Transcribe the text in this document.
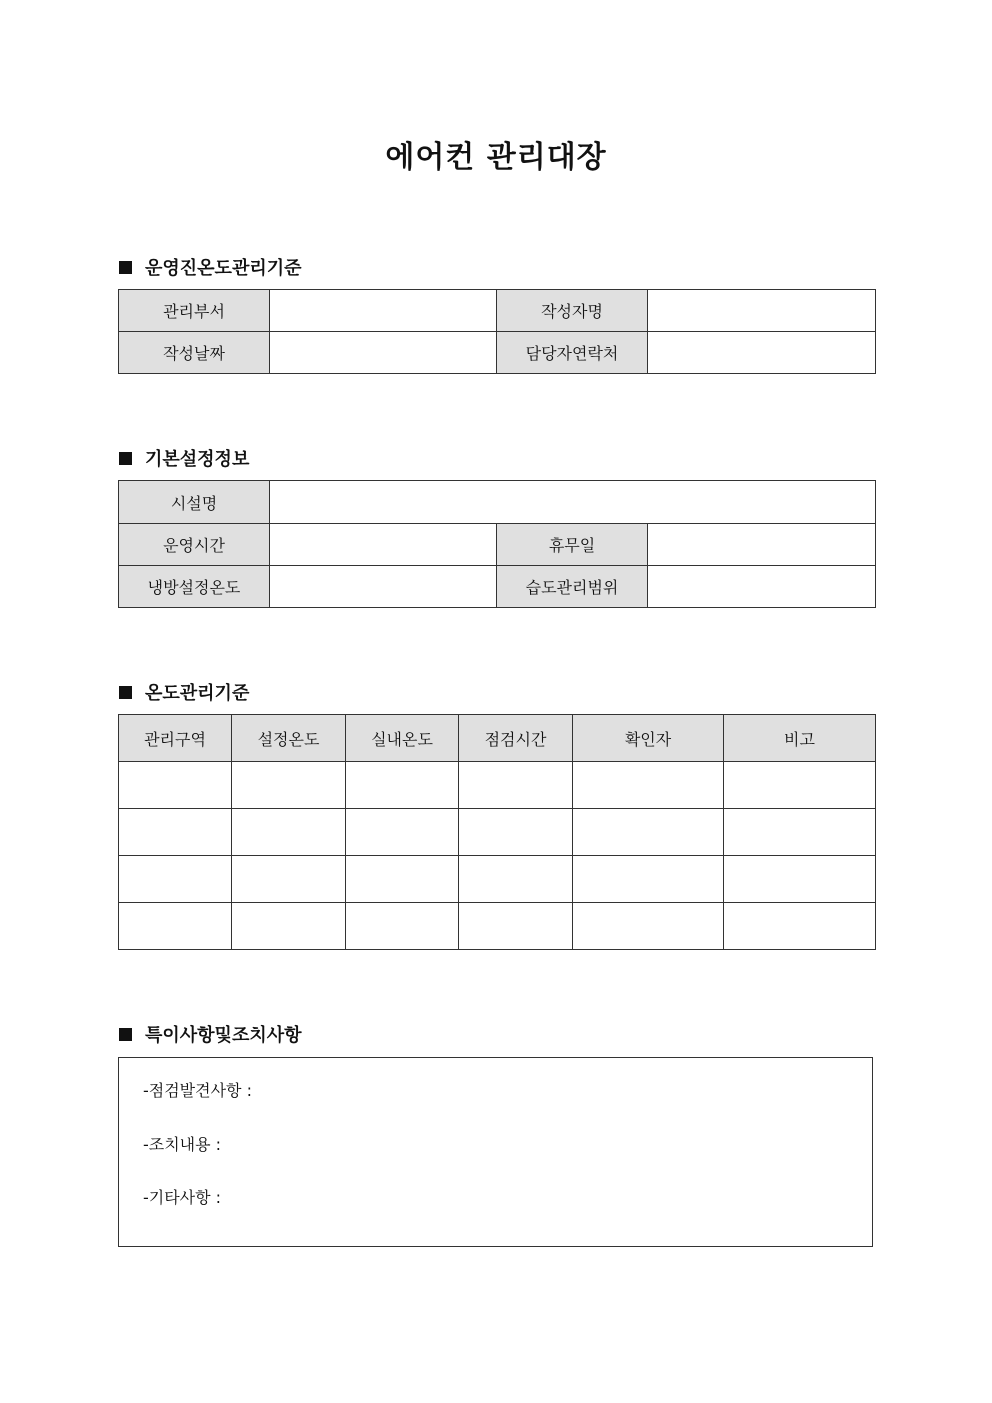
에어컨 관리대장
운영진온도관리기준
관리부서		작성자명	
작성날짜		담당자연락처	
기본설정정보
시설명			
운영시간		휴무일	
냉방설정온도		습도관리범위	
온도관리기준
관리구역	설정온도	실내온도	점검시간	확인자	비고

특이사항및조치사항
-점검발견사항 :
-조치내용 :
-기타사항 :
